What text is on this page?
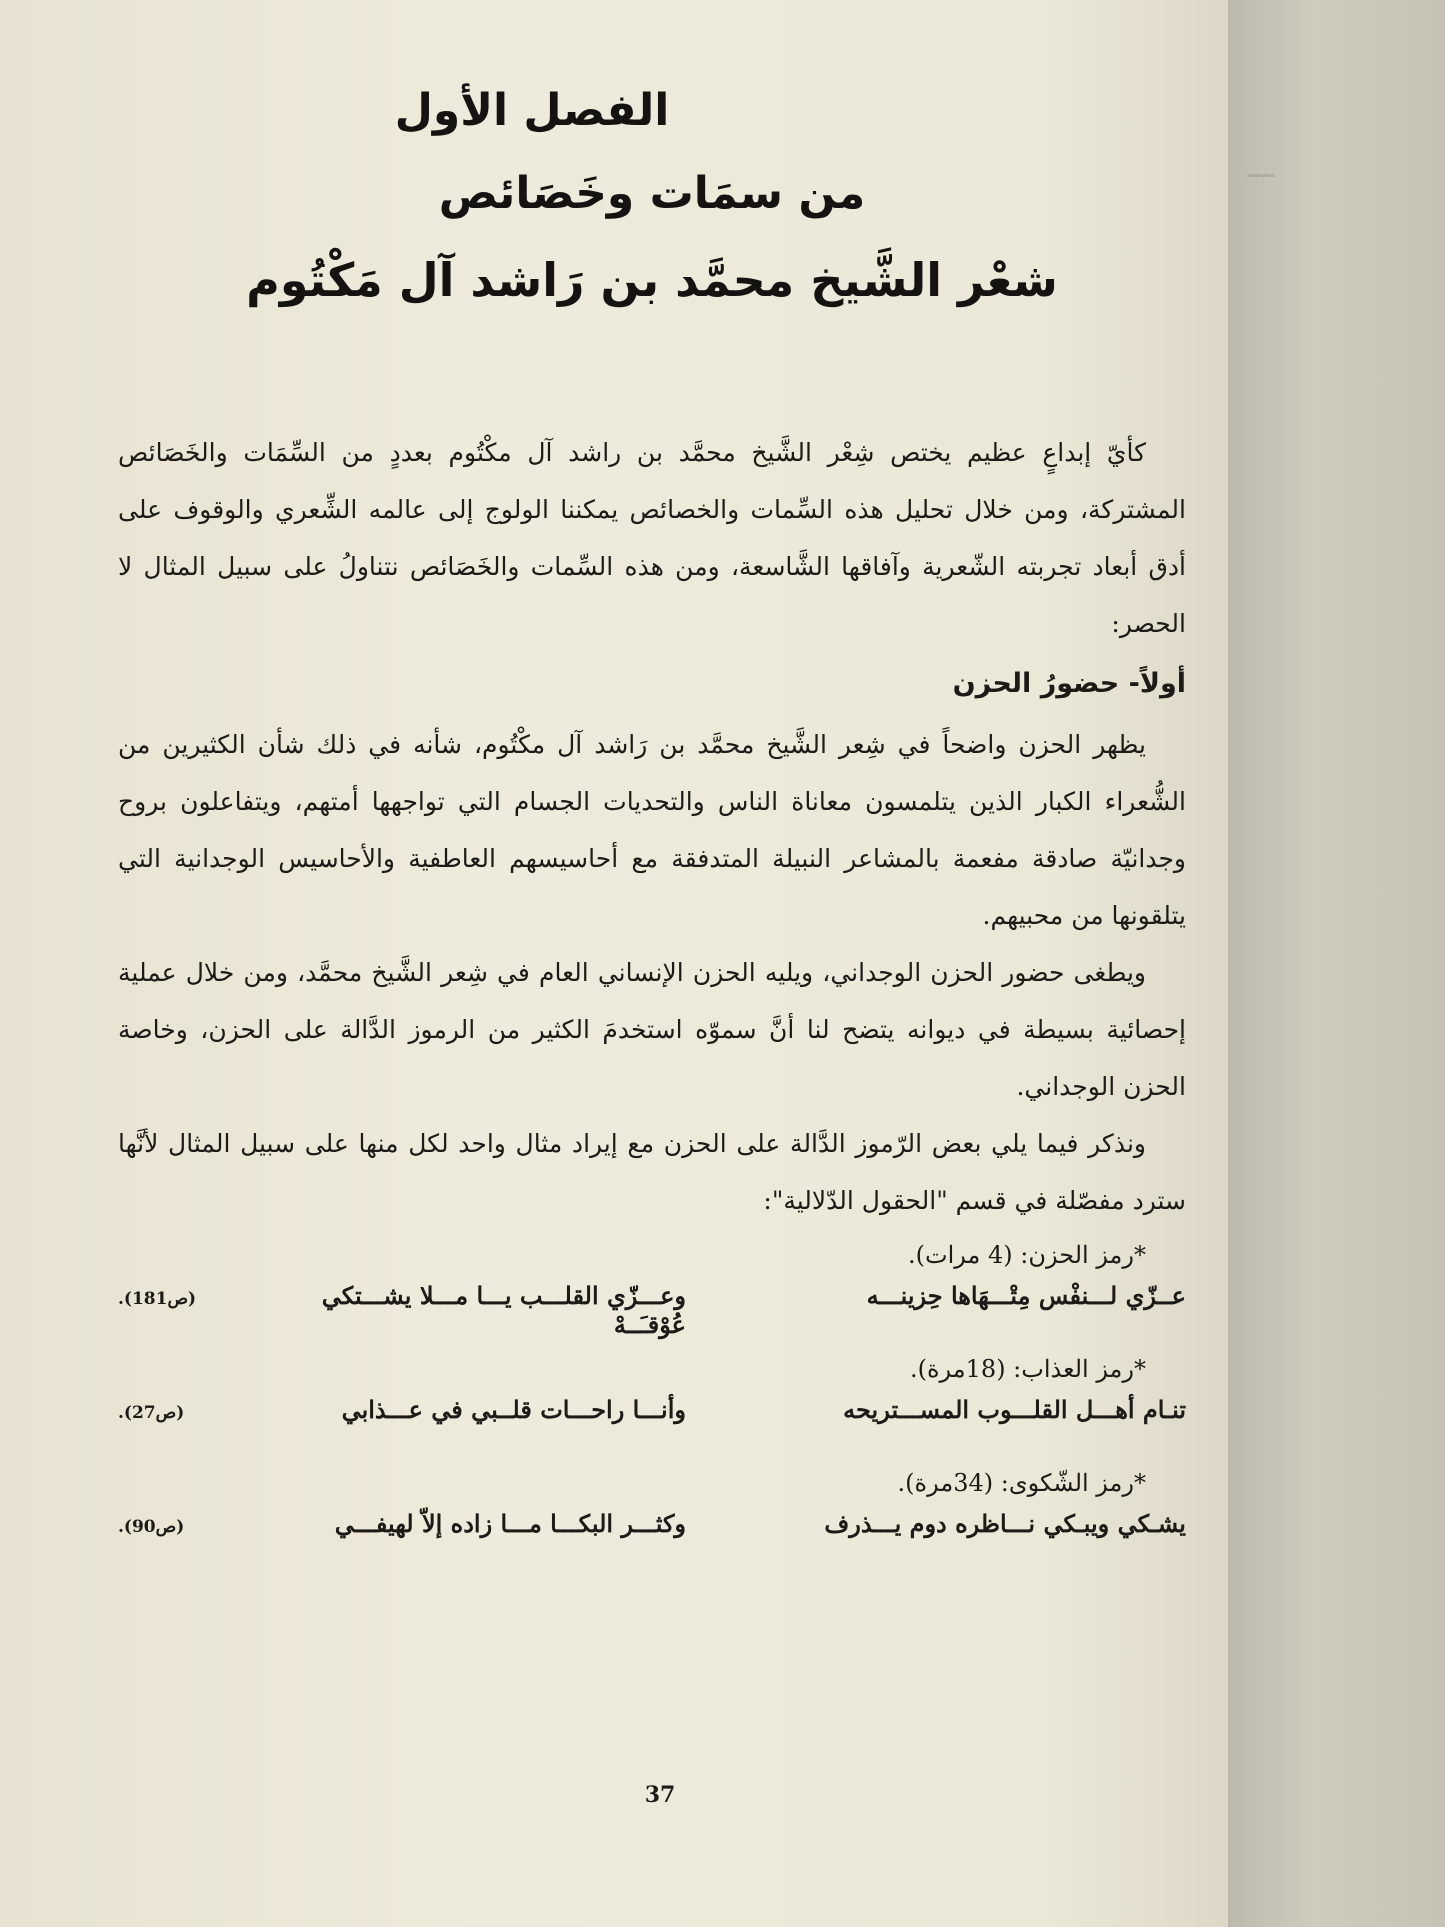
ـــ
الفصل الأول
من سمَات وخَصَائص
شعْر الشَّيخ محمَّد بن رَاشد آل مَكْتُوم

كأيّ إبداعٍ عظيم يختص شِعْر الشَّيخ محمَّد بن راشد آل مكْتُوم بعددٍ من السِّمَات والخَصَائص المشتركة، ومن خلال تحليل هذه السِّمات والخصائص يمكننا الولوج إلى عالمه الشِّعري والوقوف على أدق أبعاد تجربته الشّعرية وآفاقها الشَّاسعة، ومن هذه السِّمات والخَصَائص نتناولُ على سبيل المثال لا الحصر:

أولاً- حضورُ الحزن

يظهر الحزن واضحاً في شِعر الشَّيخ محمَّد بن رَاشد آل مكْتُوم، شأنه في ذلك شأن الكثيرين من الشُّعراء الكبار الذين يتلمسون معاناة الناس والتحديات الجسام التي تواجهها أمتهم، ويتفاعلون بروح وجدانيّة صادقة مفعمة بالمشاعر النبيلة المتدفقة مع أحاسيسهم العاطفية والأحاسيس الوجدانية التي يتلقونها من محبيهم.

ويطغى حضور الحزن الوجداني، ويليه الحزن الإنساني العام في شِعر الشَّيخ محمَّد، ومن خلال عملية إحصائية بسيطة في ديوانه يتضح لنا أنَّ سموّه استخدمَ الكثير من الرموز الدَّالة على الحزن، وخاصة الحزن الوجداني.

ونذكر فيما يلي بعض الرّموز الدَّالة على الحزن مع إيراد مثال واحد لكل منها على سبيل المثال لأنَّها سترد مفصّلة في قسم "الحقول الدّلالية":

*رمز الحزن: (4 مرات).

عــزّي لـــنفْس مِتْـــهَاها حِزينـــه
وعـــزّي القلـــب يـــا مـــلا يشـــتكي عُوْقـَــهْ
(ص181).

*رمز العذاب: (18مرة).

تنـام أهـــل القلـــوب المســـتريحه
وأنـــا راحـــات قلــبي في عـــذابي
(ص27).

*رمز الشّكوى: (34مرة).

يشـكي ويبـكي نـــاظره دوم يـــذرف
وكثـــر البكـــا مـــا زاده إلاّ لهيفـــي
(ص90).
37
